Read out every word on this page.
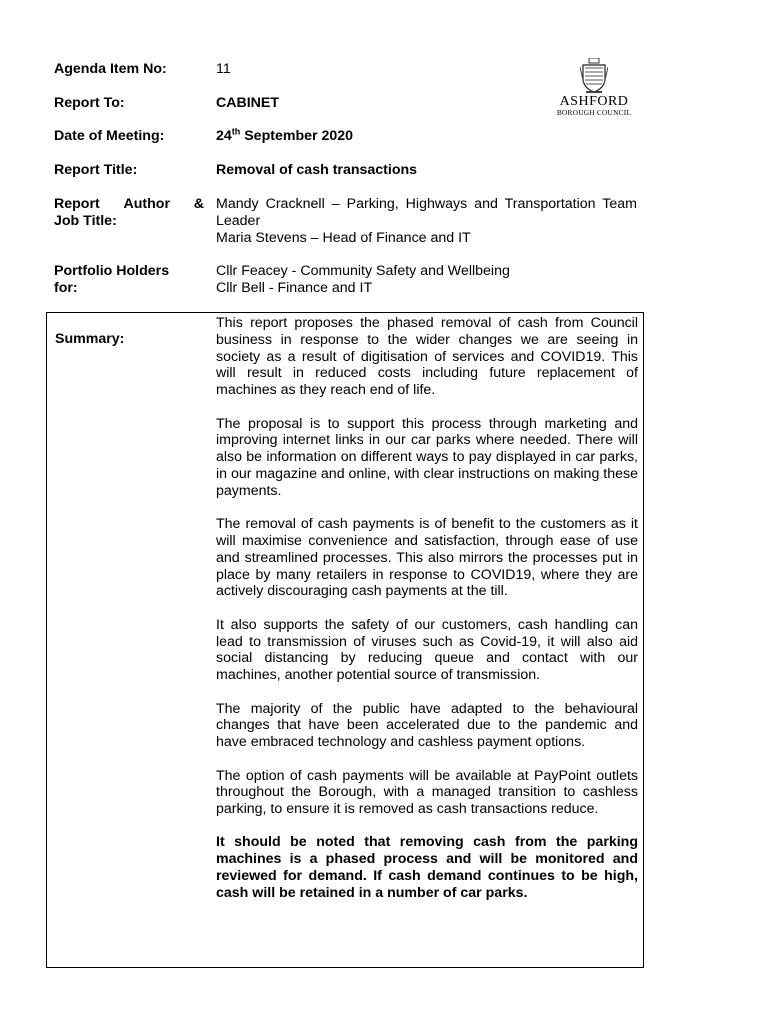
ASHFORD
BOROUGH COUNCIL
Agenda Item No:	11
Report To:	CABINET
Date of Meeting:	24th September 2020
Report Title:	Removal of cash transactions
Report Author &
Job Title:
Mandy Cracknell – Parking, Highways and Transportation Team Leader
Maria Stevens – Head of Finance and IT
Portfolio Holders
for:
Cllr Feacey - Community Safety and Wellbeing
Cllr Bell - Finance and IT
Summary:

This report proposes the phased removal of cash from Council business in response to the wider changes we are seeing in society as a result of digitisation of services and COVID19. This will result in reduced costs including future replacement of machines as they reach end of life.

The proposal is to support this process through marketing and improving internet links in our car parks where needed. There will also be information on different ways to pay displayed in car parks, in our magazine and online, with clear instructions on making these payments.

The removal of cash payments is of benefit to the customers as it will maximise convenience and satisfaction, through ease of use and streamlined processes. This also mirrors the processes put in place by many retailers in response to COVID19, where they are actively discouraging cash payments at the till.

It also supports the safety of our customers, cash handling can lead to transmission of viruses such as Covid-19, it will also aid social distancing by reducing queue and contact with our machines, another potential source of transmission.

The majority of the public have adapted to the behavioural changes that have been accelerated due to the pandemic and have embraced technology and cashless payment options.

The option of cash payments will be available at PayPoint outlets throughout the Borough, with a managed transition to cashless parking, to ensure it is removed as cash transactions reduce.

It should be noted that removing cash from the parking machines is a phased process and will be monitored and reviewed for demand. If cash demand continues to be high, cash will be retained in a number of car parks.
